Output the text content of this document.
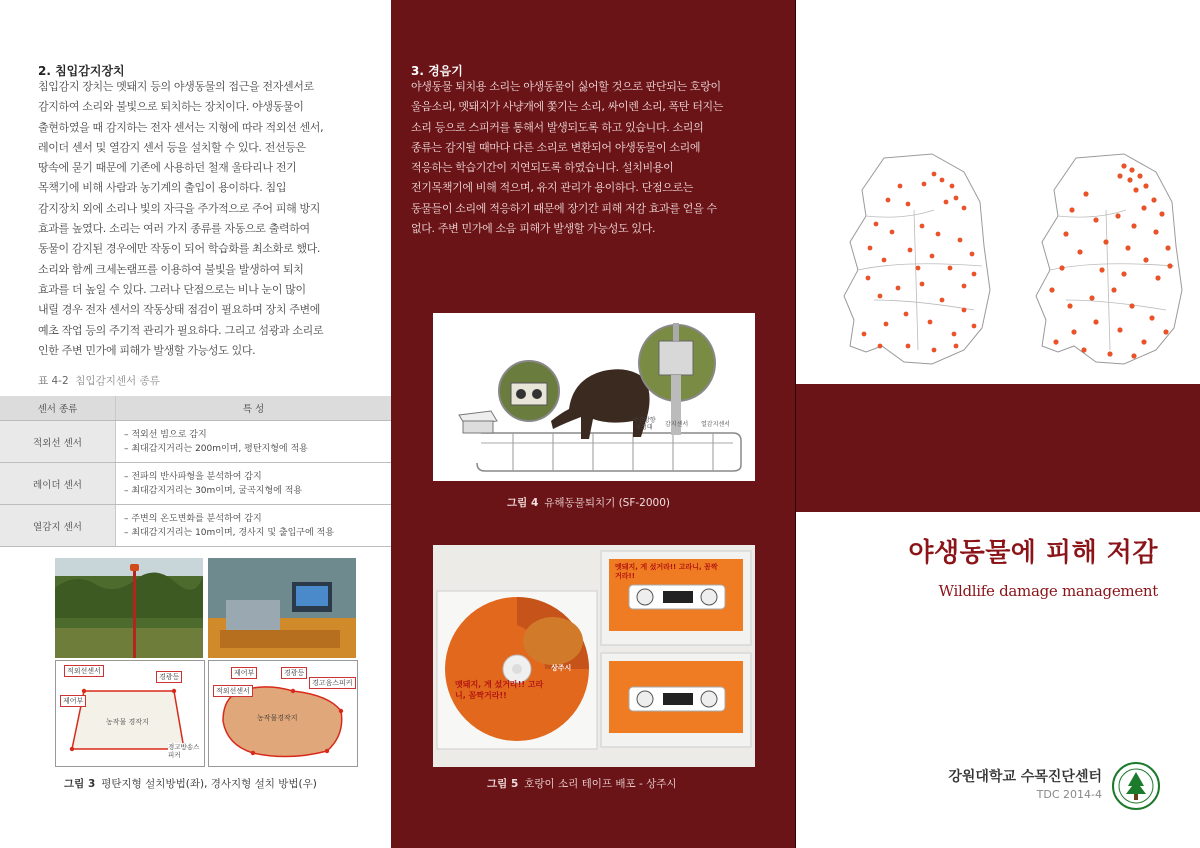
2. 침입감지장치
침입감지 장치는 멧돼지 등의 야생동물의 접근을 전자센서로
감지하여 소리와 불빛으로 퇴치하는 장치이다. 야생동물이
출현하였을 때 감지하는 전자 센서는 지형에 따라 적외선 센서,
레이더 센서 및 열감지 센서 등을 설치할 수 있다. 전선등은
땅속에 묻기 때문에 기존에 사용하던 철재 울타리나 전기
목책기에 비해 사람과 농기계의 출입이 용이하다. 침입
감지장치 외에 소리나 빛의 자극을 주가적으로 주어 피해 방지
효과를 높였다. 소리는 여러 가지 종류를 자동으로 출력하여
동물이 감지된 경우에만 작동이 되어 학습화를 최소화로 했다.
소리와 함께 크세논램프를 이용하여 불빛을 발생하여 퇴치
효과를 더 높일 수 있다. 그러나 단점으로는 비나 눈이 많이
내릴 경우 전자 센서의 작동상태 점검이 필요하며 장치 주변에
예초 작업 등의 주기적 관리가 필요하다. 그리고 섬광과 소리로
인한 주변 민가에 피해가 발생할 가능성도 있다.
표 4-2 침입감지센서 종류
센서 종류	특 성
적외선 센서	– 적외선 빔으로 감지
– 최대감지거리는 200m이며, 평탄지형에 적용

레이더 센서	– 전파의 반사파형을 분석하여 감지
– 최대감지거리는 30m이며, 굴곡지형에 적용

열감지 센서	– 주변의 온도변화를 분석하여 감지
– 최대감지거리는 10m이며, 경사지 및 출입구에 적용
적외선센서
제어부
경광등
농작물 경작지
경고방송스피커
제어부	경광등
경고음스피커
적외선센서
농작물경작지
그림 3 평탄지형 설치방법(좌), 경사지형 설치 방법(우)
3. 경음기
야생동물 퇴치용 소리는 야생동물이 싫어할 것으로 판단되는 호랑이
울음소리, 멧돼지가 사냥개에 쫓기는 소리, 싸이렌 소리, 폭탄 터지는
소리 등으로 스피커를 통해서 발생되도록 하고 있습니다. 소리의
종류는 감지될 때마다 다른 소리로 변환되어 야생동물이 소리에
적응하는 학습기간이 지연되도록 하였습니다. 설치비용이
전기목책기에 비해 적으며, 유지 관리가 용이하다. 단점으로는
동물들이 소리에 적응하기 때문에 장기간 피해 저감 효과를 얻을 수
없다. 주변 민가에 소음 피해가 발생할 가능성도 있다.
야간방향 지정대	감지센서 열감지센서
그림 4 유해동물퇴치기 (SF-2000)
멧돼지, 게 섰거라!! 고라니, 꼼짝거라!!
멧돼지, 게 섰거라!! 고라니, 꼼짝거라!!
상주시
그림 5 호랑이 소리 테이프 배포 - 상주시
야생동물에 피해 저감
Wildlife damage management
강원대학교 수목진단센터
TDC 2014-4
